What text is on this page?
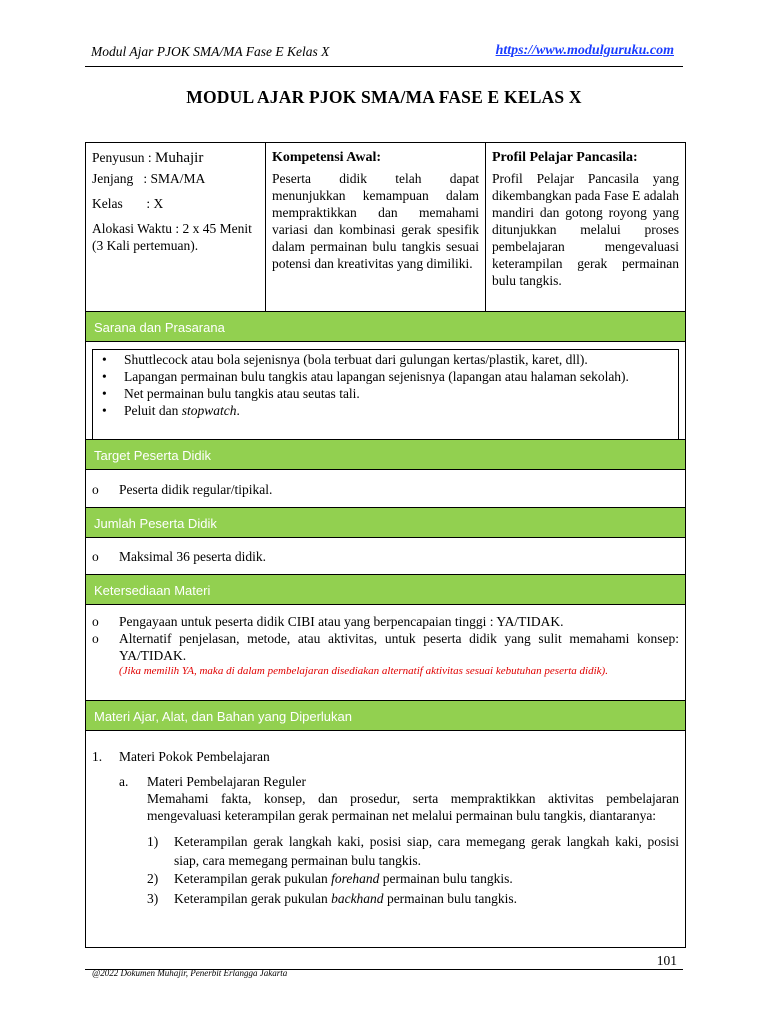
Modul Ajar PJOK SMA/MA Fase E Kelas X	https://www.modulguruku.com
MODUL AJAR PJOK SMA/MA FASE E KELAS X
Penyusun : Muhajir
Jenjang   : SMA/MA
Kelas       : X
Alokasi Waktu : 2 x 45 Menit (3 Kali pertemuan).
Kompetensi Awal:
Peserta didik telah dapat menunjukkan kemampuan dalam mempraktikkan dan memahami variasi dan kombinasi gerak spesifik dalam permainan bulu tangkis sesuai potensi dan kreativitas yang dimiliki.
Profil Pelajar Pancasila:
Profil Pelajar Pancasila yang dikembangkan pada Fase E adalah mandiri dan gotong royong yang ditunjukkan melalui proses pembelajaran mengevaluasi keterampilan gerak permainan bulu tangkis.
Sarana dan Prasarana
• Shuttlecock atau bola sejenisnya (bola terbuat dari gulungan kertas/plastik, karet, dll).
• Lapangan permainan bulu tangkis atau lapangan sejenisnya (lapangan atau halaman sekolah).
• Net permainan bulu tangkis atau seutas tali.
• Peluit dan stopwatch.
Target Peserta Didik
o Peserta didik regular/tipikal.
Jumlah Peserta Didik
o Maksimal 36 peserta didik.
Ketersediaan Materi
o Pengayaan untuk peserta didik CIBI atau yang berpencapaian tinggi : YA/TIDAK.
o Alternatif penjelasan, metode, atau aktivitas, untuk peserta didik yang sulit memahami konsep: YA/TIDAK.
(Jika memilih YA, maka di dalam pembelajaran disediakan alternatif aktivitas sesuai kebutuhan peserta didik).
Materi Ajar, Alat, dan Bahan yang Diperlukan
1. Materi Pokok Pembelajaran
a. Materi Pembelajaran Reguler
Memahami fakta, konsep, dan prosedur, serta mempraktikkan aktivitas pembelajaran mengevaluasi keterampilan gerak permainan net melalui permainan bulu tangkis, diantaranya:
1) Keterampilan gerak langkah kaki, posisi siap, cara memegang gerak langkah kaki, posisi siap, cara memegang permainan bulu tangkis.
2) Keterampilan gerak pukulan forehand permainan bulu tangkis.
3) Keterampilan gerak pukulan backhand permainan bulu tangkis.
101
@2022 Dokumen Muhajir, Penerbit Erlangga Jakarta
